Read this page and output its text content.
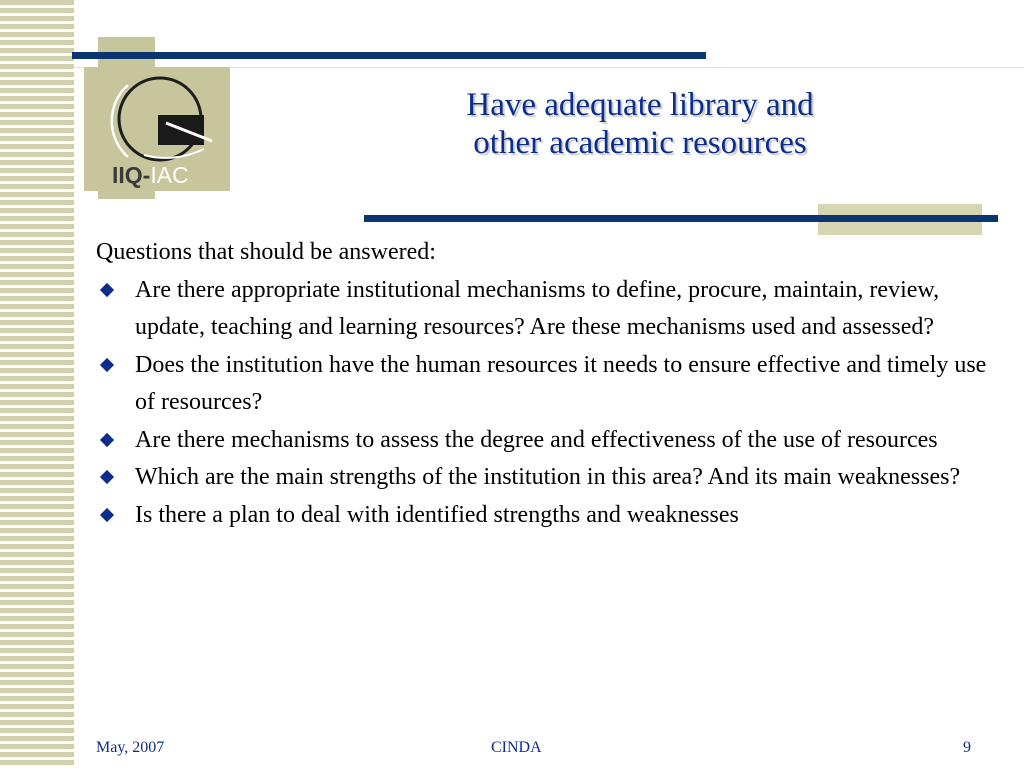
IIQ-IAC
Have adequate library and
other academic resources

Questions that should be answered:

Are there appropriate institutional mechanisms to define, procure, maintain, review, update, teaching and learning resources? Are these mechanisms used and assessed?
Does the institution have the human resources it needs to ensure effective and timely use of resources?
Are there mechanisms to assess the degree and effectiveness of the use of resources
Which are the main strengths of the institution in this area? And its main weaknesses?
Is there a plan to deal with identified strengths and weaknesses
May, 2007	CINDA	9
